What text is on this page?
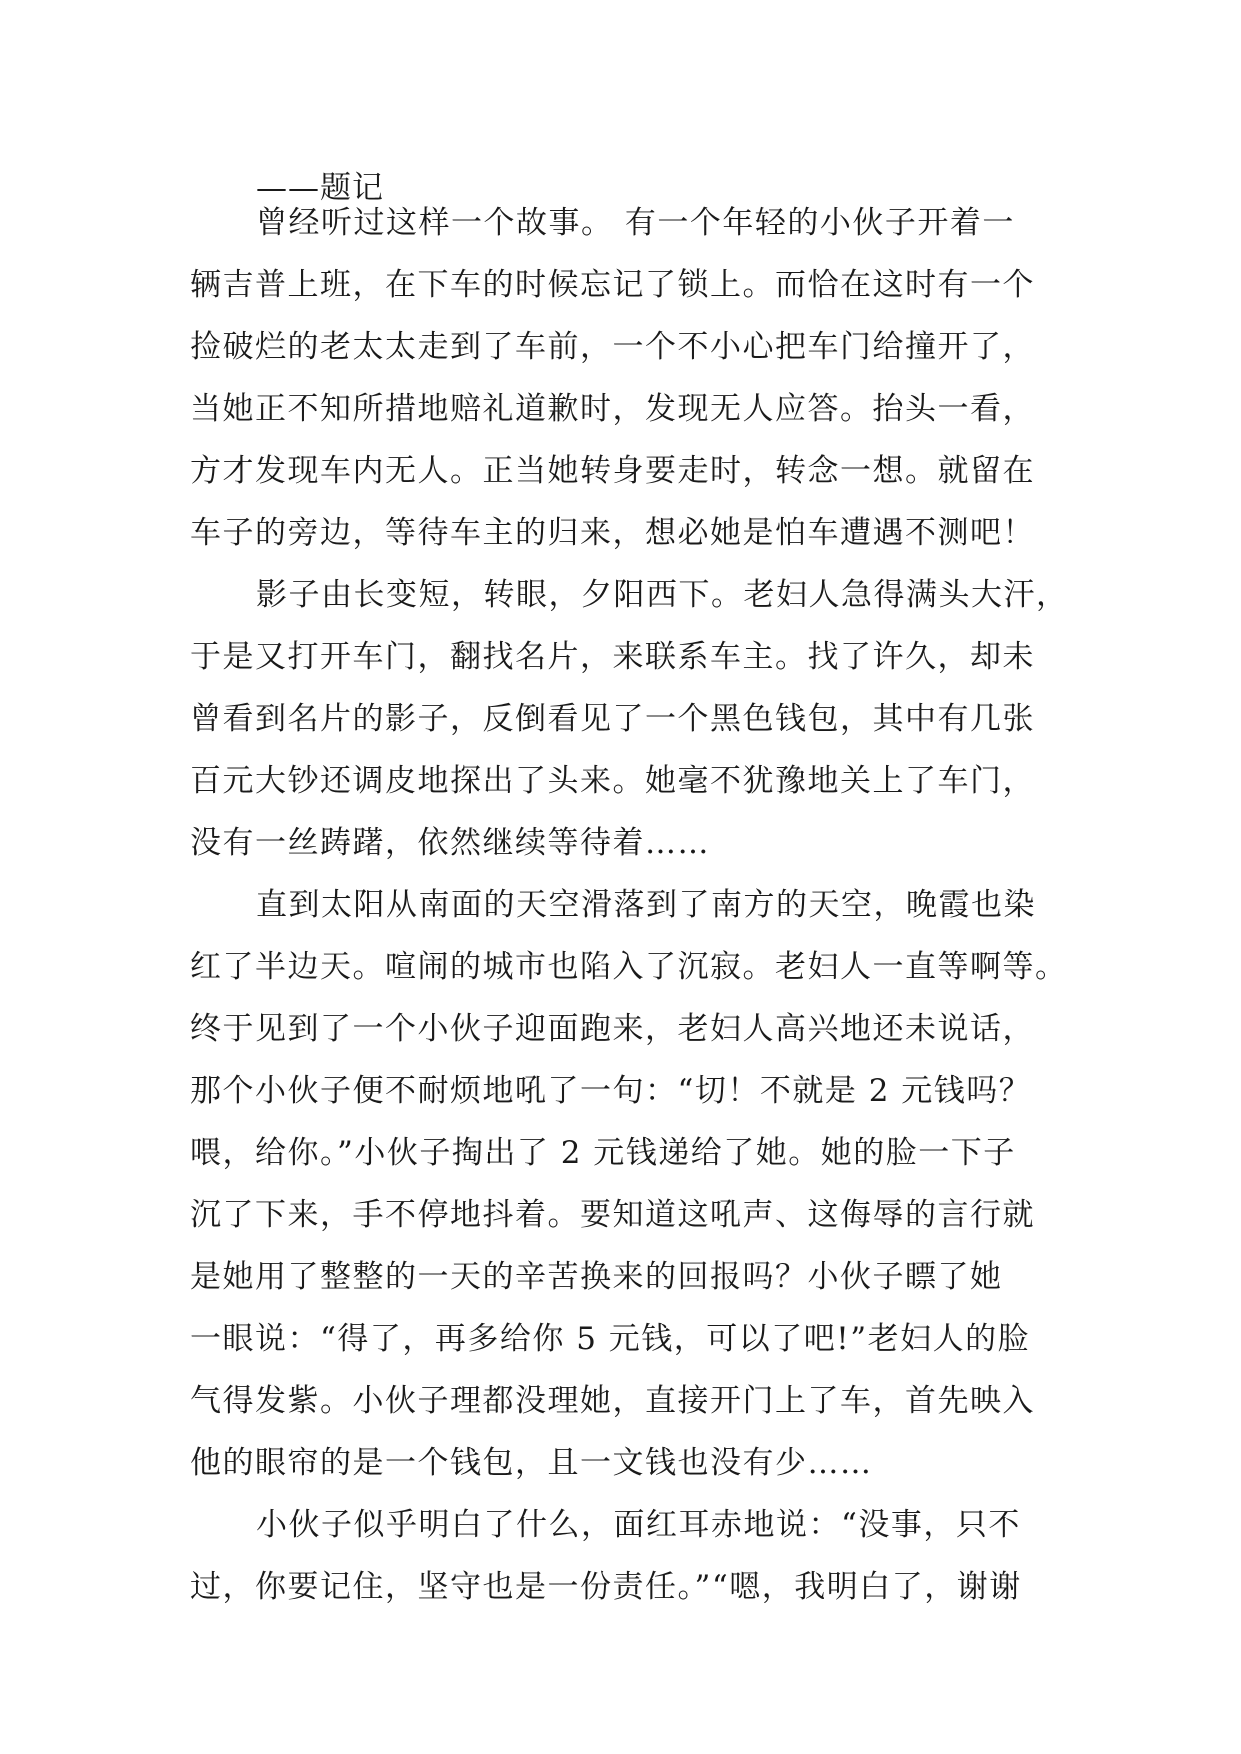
——题记
曾经听过这样一个故事。 有一个年轻的小伙子开着一
辆吉普上班，在下车的时候忘记了锁上。而恰在这时有一个
捡破烂的老太太走到了车前，一个不小心把车门给撞开了，
当她正不知所措地赔礼道歉时，发现无人应答。抬头一看，
方才发现车内无人。正当她转身要走时，转念一想。就留在
车子的旁边，等待车主的归来，想必她是怕车遭遇不测吧！
影子由长变短，转眼，夕阳西下。老妇人急得满头大汗，
于是又打开车门，翻找名片，来联系车主。找了许久，却未
曾看到名片的影子，反倒看见了一个黑色钱包，其中有几张
百元大钞还调皮地探出了头来。她毫不犹豫地关上了车门，
没有一丝踌躇，依然继续等待着……
直到太阳从南面的天空滑落到了南方的天空，晚霞也染
红了半边天。喧闹的城市也陷入了沉寂。老妇人一直等啊等。
终于见到了一个小伙子迎面跑来，老妇人高兴地还未说话，
那个小伙子便不耐烦地吼了一句：“切！不就是 2 元钱吗？
喂，给你。”小伙子掏出了 2 元钱递给了她。她的脸一下子
沉了下来，手不停地抖着。要知道这吼声、这侮辱的言行就
是她用了整整的一天的辛苦换来的回报吗？小伙子瞟了她
一眼说：“得了，再多给你 5 元钱，可以了吧!”老妇人的脸
气得发紫。小伙子理都没理她，直接开门上了车，首先映入
他的眼帘的是一个钱包，且一文钱也没有少……
小伙子似乎明白了什么，面红耳赤地说：“没事，只不
过，你要记住，坚守也是一份责任。”“嗯，我明白了，谢谢
